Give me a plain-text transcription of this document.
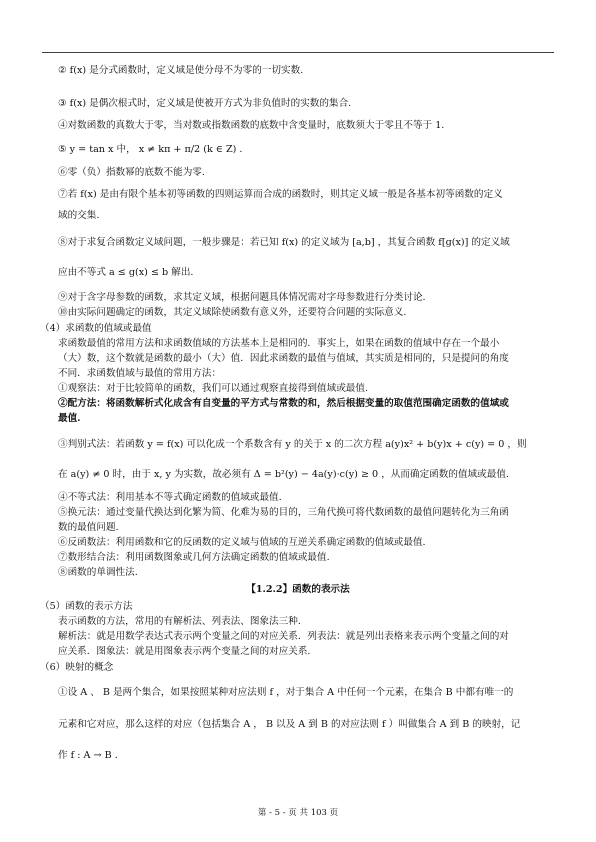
② f(x) 是分式函数时，定义域是使分母不为零的一切实数.
③ f(x) 是偶次根式时，定义域是使被开方式为非负值时的实数的集合.
④对数函数的真数大于零，当对数或指数函数的底数中含变量时，底数须大于零且不等于 1.
⑤ y = tan x 中， x ≠ kπ + π/2 (k ∈ Z) .
⑥零（负）指数幂的底数不能为零.
⑦若 f(x) 是由有限个基本初等函数的四则运算而合成的函数时，则其定义域一般是各基本初等函数的定义
域的交集.
⑧对于求复合函数定义域问题，一般步骤是：若已知 f(x) 的定义域为 [a,b] ，其复合函数 f[g(x)] 的定义域
应由不等式 a ≤ g(x) ≤ b 解出.
⑨对于含字母参数的函数，求其定义域，根据问题具体情况需对字母参数进行分类讨论.
⑩由实际问题确定的函数，其定义域除使函数有意义外，还要符合问题的实际意义.
（4）求函数的值域或最值
求函数最值的常用方法和求函数值域的方法基本上是相同的．事实上，如果在函数的值域中存在一个最小
（大）数，这个数就是函数的最小（大）值．因此求函数的最值与值域，其实质是相同的，只是提问的角度
不同．求函数值域与最值的常用方法：
①观察法：对于比较简单的函数，我们可以通过观察直接得到值域或最值.
②配方法：将函数解析式化成含有自变量的平方式与常数的和，然后根据变量的取值范围确定函数的值域或
最值.
③判别式法：若函数 y = f(x) 可以化成一个系数含有 y 的关于 x 的二次方程 a(y)x² + b(y)x + c(y) = 0 ，则
在 a(y) ≠ 0 时，由于 x, y 为实数，故必须有 Δ = b²(y) − 4a(y)·c(y) ≥ 0 ，从而确定函数的值域或最值.
④不等式法：利用基本不等式确定函数的值域或最值.
⑤换元法：通过变量代换达到化繁为简、化难为易的目的，三角代换可将代数函数的最值问题转化为三角函
数的最值问题.
⑥反函数法：利用函数和它的反函数的定义域与值域的互逆关系确定函数的值域或最值.
⑦数形结合法：利用函数图象或几何方法确定函数的值域或最值.
⑧函数的单调性法.
【1.2.2】函数的表示法
（5）函数的表示方法
表示函数的方法，常用的有解析法、列表法、图象法三种.
解析法：就是用数学表达式表示两个变量之间的对应关系．列表法：就是列出表格来表示两个变量之间的对
应关系．图象法：就是用图象表示两个变量之间的对应关系.
（6）映射的概念
①设 A 、 B 是两个集合，如果按照某种对应法则 f ，对于集合 A 中任何一个元素，在集合 B 中都有唯一的
元素和它对应，那么这样的对应（包括集合 A ， B 以及 A 到 B 的对应法则 f ）叫做集合 A 到 B 的映射，记
作 f : A → B .
第 - 5 - 页 共 103 页
